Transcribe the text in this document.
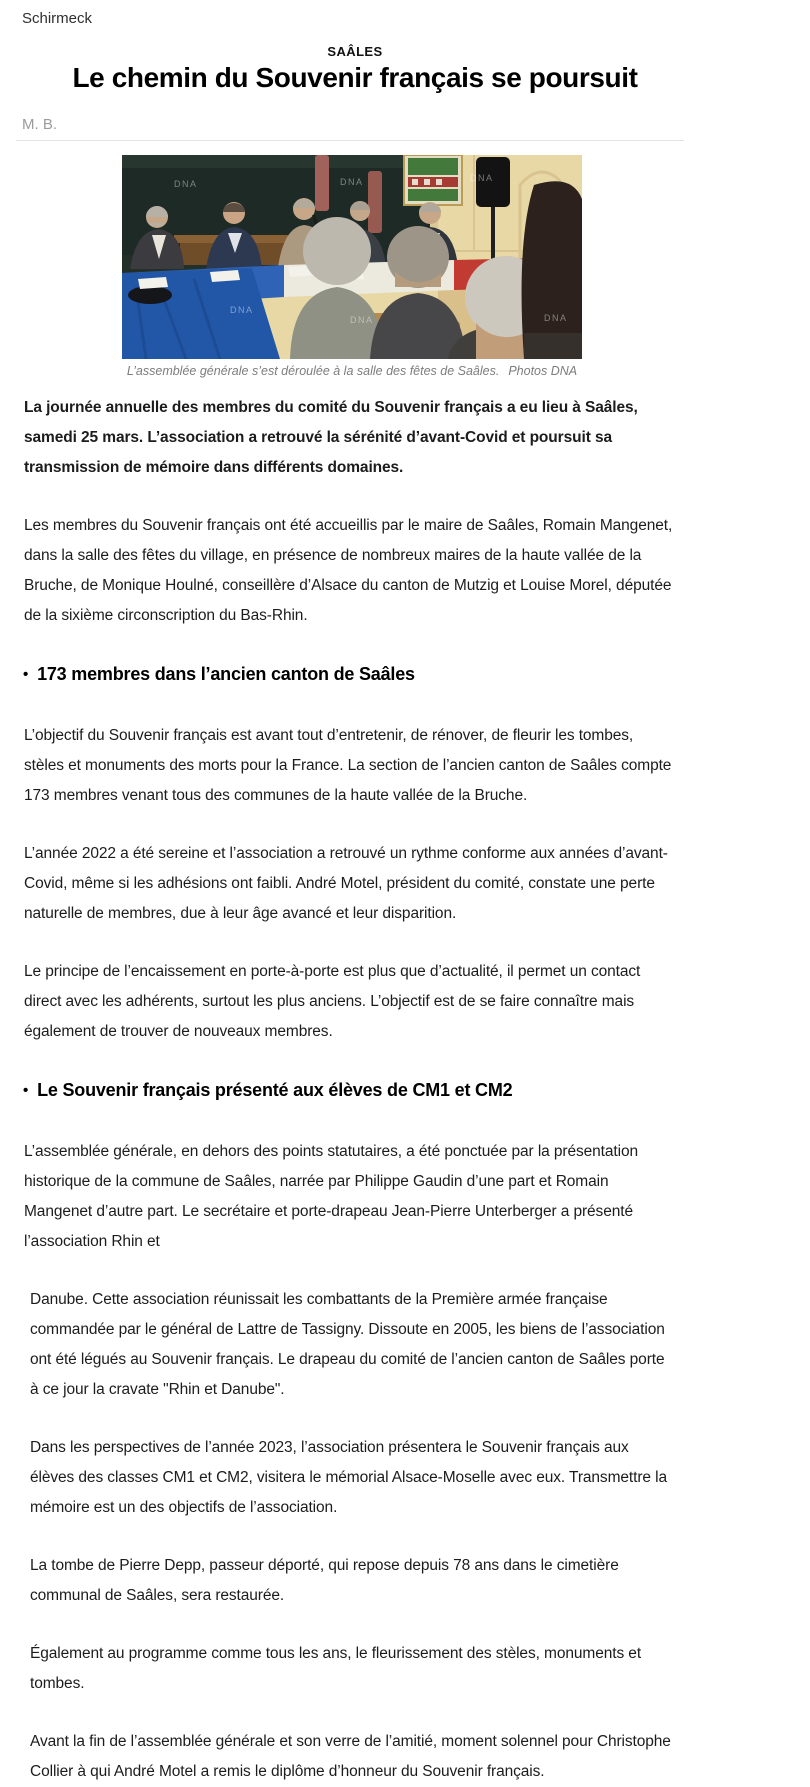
Schirmeck
SAÂLES
Le chemin du Souvenir français se poursuit
M. B.
DNA	DNA	DNA
DNA
DNA	DNA
L’assemblée générale s’est déroulée à la salle des fêtes de Saâles. Photos DNA

La journée annuelle des membres du comité du Souvenir français a eu lieu à Saâles, samedi 25 mars. L’association a retrouvé la sérénité d’avant-Covid et poursuit sa transmission de mémoire dans différents domaines.

Les membres du Souvenir français ont été accueillis par le maire de Saâles, Romain Mangenet, dans la salle des fêtes du village, en présence de nombreux maires de la haute vallée de la Bruche, de Monique Houlné, conseillère d’Alsace du canton de Mutzig et Louise Morel, députée de la sixième circonscription du Bas-Rhin.

• 173 membres dans l’ancien canton de Saâles

L’objectif du Souvenir français est avant tout d’entretenir, de rénover, de fleurir les tombes, stèles et monuments des morts pour la France. La section de l’ancien canton de Saâles compte 173 membres venant tous des communes de la haute vallée de la Bruche.

L’année 2022 a été sereine et l’association a retrouvé un rythme conforme aux années d’avant-Covid, même si les adhésions ont faibli. André Motel, président du comité, constate une perte naturelle de membres, due à leur âge avancé et leur disparition.

Le principe de l’encaissement en porte-à-porte est plus que d’actualité, il permet un contact direct avec les adhérents, surtout les plus anciens. L’objectif est de se faire connaître mais également de trouver de nouveaux membres.

• Le Souvenir français présenté aux élèves de CM1 et CM2

L’assemblée générale, en dehors des points statutaires, a été ponctuée par la présentation historique de la commune de Saâles, narrée par Philippe Gaudin d’une part et Romain Mangenet d’autre part. Le secrétaire et porte-drapeau Jean-Pierre Unterberger a présenté l’association Rhin et

Danube. Cette association réunissait les combattants de la Première armée française commandée par le général de Lattre de Tassigny. Dissoute en 2005, les biens de l’association ont été légués au Souvenir français. Le drapeau du comité de l’ancien canton de Saâles porte à ce jour la cravate "Rhin et Danube".

Dans les perspectives de l’année 2023, l’association présentera le Souvenir français aux élèves des classes CM1 et CM2, visitera le mémorial Alsace-Moselle avec eux. Transmettre la mémoire est un des objectifs de l’association.

La tombe de Pierre Depp, passeur déporté, qui repose depuis 78 ans dans le cimetière communal de Saâles, sera restaurée.

Également au programme comme tous les ans, le fleurissement des stèles, monuments et tombes.

Avant la fin de l’assemblée générale et son verre de l’amitié, moment solennel pour Christophe Collier à qui André Motel a remis le diplôme d’honneur du Souvenir français.
